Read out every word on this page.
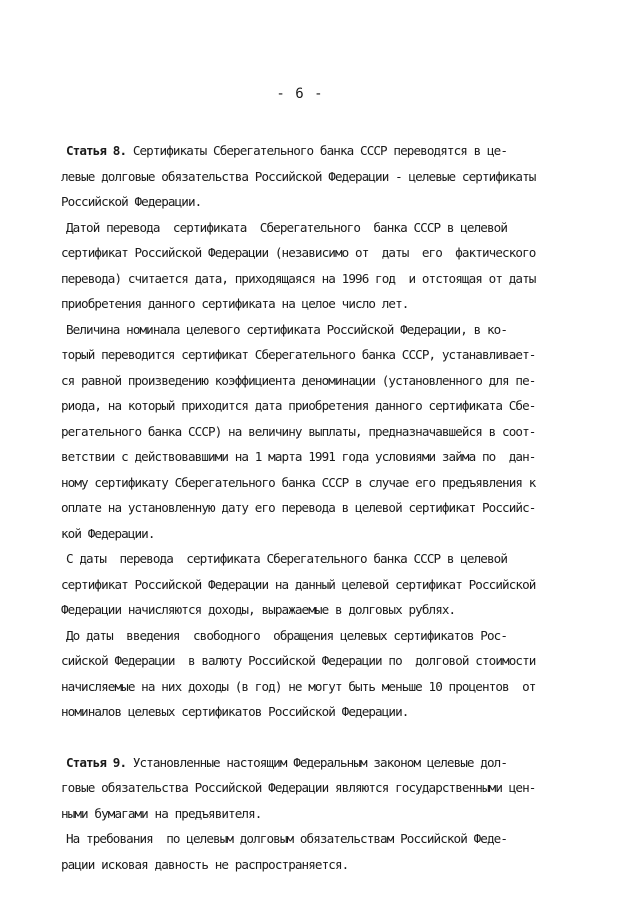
- 6 -
Статья 8. Сертификаты Сберегательного банка СССР переводятся в це-
левые долговые обязательства Российской Федерации - целевые сертификаты
Российской Федерации.
Датой перевода  сертификата  Сберегательного  банка СССР в целевой
сертификат Российской Федерации (независимо от  даты  его  фактического
перевода) считается дата, приходящаяся на 1996 год  и отстоящая от даты
приобретения данного сертификата на целое число лет.
Величина номинала целевого сертификата Российской Федерации, в ко-
торый переводится сертификат Сберегательного банка СССР, устанавливает-
ся равной произведению коэффициента деноминации (установленного для пе-
риода, на который приходится дата приобретения данного сертификата Сбе-
регательного банка СССР) на величину выплаты, предназначавшейся в соот-
ветствии с действовавшими на 1 марта 1991 года условиями займа по  дан-
ному сертификату Сберегательного банка СССР в случае его предъявления к
оплате на установленную дату его перевода в целевой сертификат Российс-
кой Федерации.
С даты  перевода  сертификата Сберегательного банка СССР в целевой
сертификат Российской Федерации на данный целевой сертификат Российской
Федерации начисляются доходы, выражаемые в долговых рублях.
До даты  введения  свободного  обращения целевых сертификатов Рос-
сийской Федерации  в валюту Российской Федерации по  долговой стоимости
начисляемые на них доходы (в год) не могут быть меньше 10 процентов  от
номиналов целевых сертификатов Российской Федерации.
Статья 9. Установленные настоящим Федеральным законом целевые дол-
говые обязательства Российской Федерации являются государственными цен-
ными бумагами на предъявителя.
На требования  по целевым долговым обязательствам Российской Феде-
рации исковая давность не распространяется.
